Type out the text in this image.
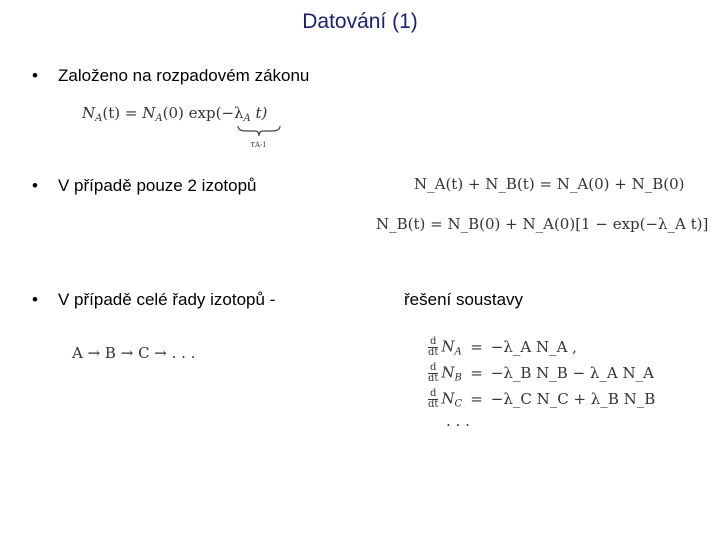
Datování (1)
• Založeno na rozpadovém zákonu
$N_A(t) = N_A(0)$ $\exp(-\lambda_A$ t)
τA-1
• V případě pouze 2 izotopů	N_A(t) + N_B(t) = N_A(0) + N_B(0)
N_B(t) = N_B(0) + N_A(0)[1 − exp(−λ_A t)]
• V případě celé řady izotopů -	řešení soustavy
A → B → C → . . .	$\frac{d}{dt} N_A$	=	−λ_A N_A ,

$\frac{d}{dt} N_B$	=	−λ_B N_B − λ_A N_A

$\frac{d}{dt} N_C$	=	−λ_C N_C + λ_B N_B
. . .
